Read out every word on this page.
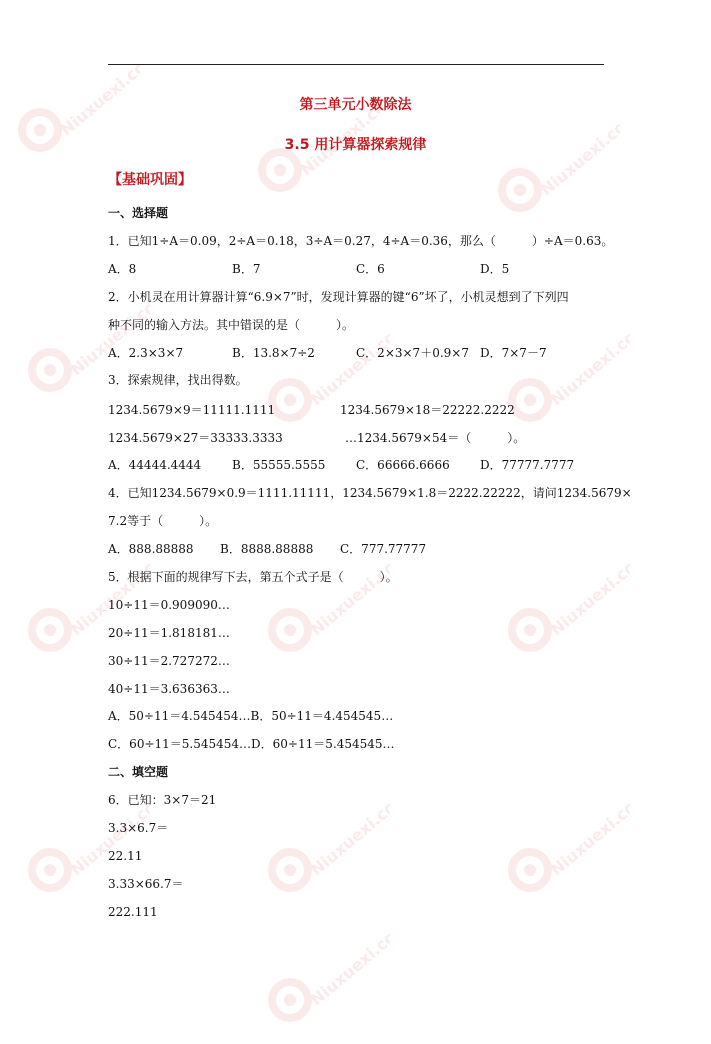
Niuxuexi.com	Niuxuexi.com	Niuxuexi.com
Niuxuexi.com	Niuxuexi.com	Niuxuexi.com
Niuxuexi.com	Niuxuexi.com	Niuxuexi.com
Niuxuexi.com	Niuxuexi.com	Niuxuexi.com
Niuxuexi.com
第三单元小数除法
3.5 用计算器探索规律
【基础巩固】
一、选择题
1．已知1÷A＝0.09，2÷A＝0.18，3÷A＝0.27，4÷A＝0.36，那么（　　　）÷A＝0.63。
A．8	B．7	C．6	D．5
2．小机灵在用计算器计算“6.9×7”时，发现计算器的键“6”坏了，小机灵想到了下列四
种不同的输入方法。其中错误的是（　　　）。
A．2.3×3×7	B．13.8×7÷2	C．2×3×7＋0.9×7 D．7×7－7
3．探索规律，找出得数。
1234.5679×9＝11111.1111	1234.5679×18＝22222.2222
1234.5679×27＝33333.3333	…1234.5679×54＝（　　　）。
A．44444.4444	B．55555.5555	C．66666.6666	D．77777.7777
4．已知1234.5679×0.9＝1111.11111，1234.5679×1.8＝2222.22222，请问1234.5679×
7.2等于（　　　）。
A．888.88888 B．8888.88888 C．777.77777
5．根据下面的规律写下去，第五个式子是（　　　）。
10÷11＝0.909090…
20÷11＝1.818181…
30÷11＝2.727272…
40÷11＝3.636363…
A．50÷11＝4.545454…B．50÷11＝4.454545…
C．60÷11＝5.545454…D．60÷11＝5.454545…
二、填空题
6．已知：3×7＝21
3.3×6.7＝
22.11
3.33×66.7＝
222.111
